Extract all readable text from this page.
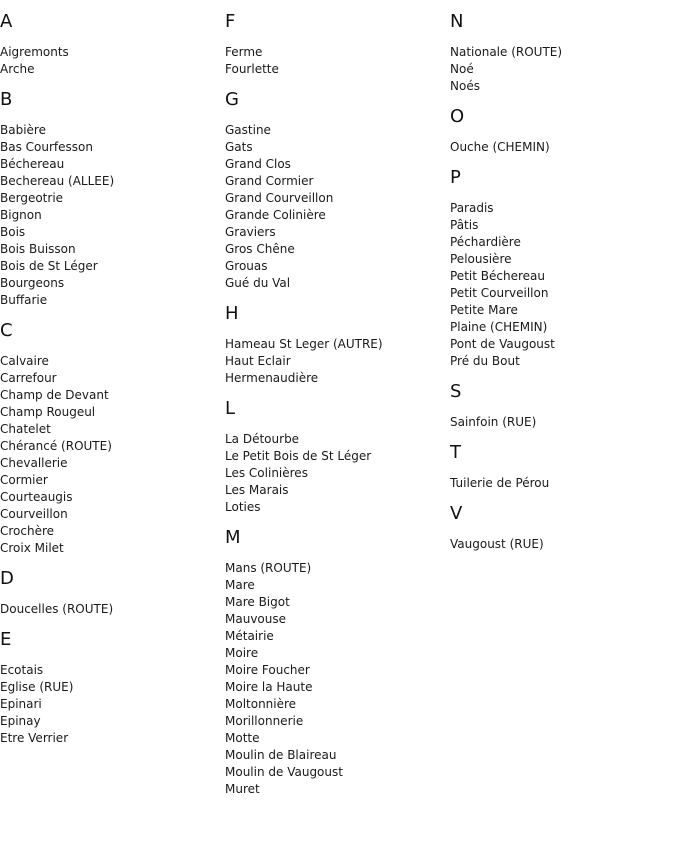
A
Aigremonts
Arche
B
Babière
Bas Courfesson
Béchereau
Bechereau (ALLEE)
Bergeotrie
Bignon
Bois
Bois Buisson
Bois de St Léger
Bourgeons
Buffarie
C
Calvaire
Carrefour
Champ de Devant
Champ Rougeul
Chatelet
Chérancé (ROUTE)
Chevallerie
Cormier
Courteaugis
Courveillon
Crochère
Croix Milet
D
Doucelles (ROUTE)
E
Ecotais
Eglise (RUE)
Epinari
Epinay
Etre Verrier
F
Ferme
Fourlette
G
Gastine
Gats
Grand Clos
Grand Cormier
Grand Courveillon
Grande Colinière
Graviers
Gros Chêne
Grouas
Gué du Val
H
Hameau St Leger (AUTRE)
Haut Eclair
Hermenaudière
L
La Détourbe
Le Petit Bois de St Léger
Les Colinières
Les Marais
Loties
M
Mans (ROUTE)
Mare
Mare Bigot
Mauvouse
Métairie
Moire
Moire Foucher
Moire la Haute
Moltonnière
Morillonnerie
Motte
Moulin de Blaireau
Moulin de Vaugoust
Muret
N
Nationale (ROUTE)
Noé
Noés
O
Ouche (CHEMIN)
P
Paradis
Pâtis
Péchardière
Pelousière
Petit Béchereau
Petit Courveillon
Petite Mare
Plaine (CHEMIN)
Pont de Vaugoust
Pré du Bout
S
Sainfoin (RUE)
T
Tuilerie de Pérou
V
Vaugoust (RUE)
